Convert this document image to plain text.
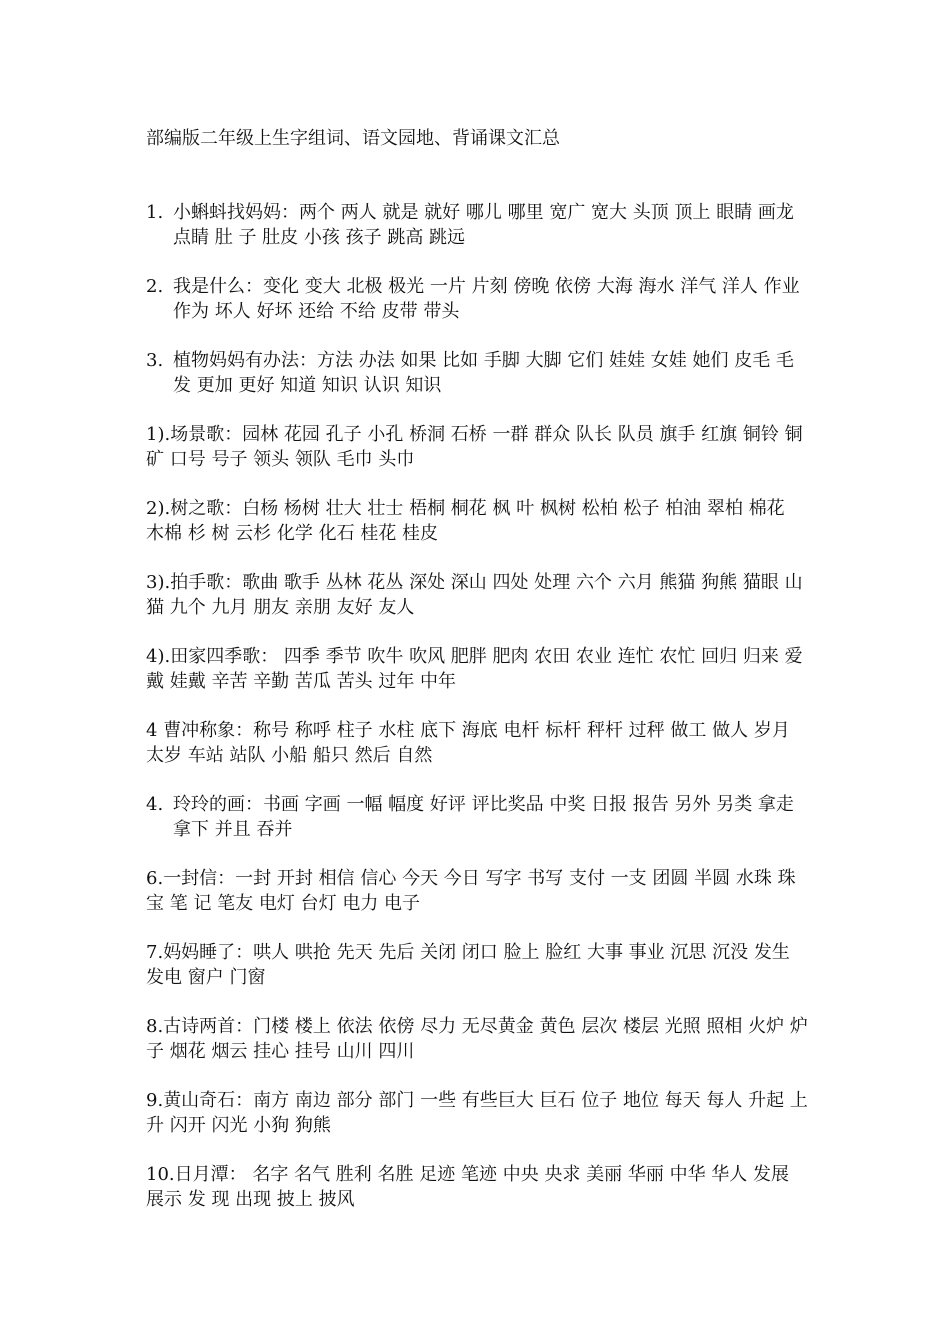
部编版二年级上生字组词、语文园地、背诵课文汇总
1. 小蝌蚪找妈妈：两个 两人 就是 就好 哪儿 哪里 宽广 宽大 头顶 顶上 眼睛 画龙点睛 肚 子 肚皮 小孩 孩子 跳高 跳远
2. 我是什么：变化 变大 北极 极光 一片 片刻 傍晚 依傍 大海 海水 洋气 洋人 作业 作为 坏人 好坏 还给 不给 皮带 带头
3. 植物妈妈有办法：方法 办法 如果 比如 手脚 大脚 它们 娃娃 女娃 她们 皮毛 毛发 更加 更好 知道 知识 认识 知识
1).场景歌：园林 花园 孔子 小孔 桥洞 石桥 一群 群众 队长 队员 旗手 红旗 铜铃 铜矿 口号 号子 领头 领队 毛巾 头巾
2).树之歌：白杨 杨树 壮大 壮士 梧桐 桐花 枫 叶 枫树 松柏 松子 柏油 翠柏 棉花 木棉 杉 树 云杉 化学 化石 桂花 桂皮
3).拍手歌：歌曲 歌手 丛林 花丛 深处 深山 四处 处理 六个 六月 熊猫 狗熊 猫眼 山猫 九个 九月 朋友 亲朋 友好 友人
4).田家四季歌： 四季 季节 吹牛 吹风 肥胖 肥肉 农田 农业 连忙 农忙 回归 归来 爱戴 娃戴 辛苦 辛勤 苦瓜 苦头 过年 中年
4 曹冲称象：称号 称呼 柱子 水柱 底下 海底 电杆 标杆 秤杆 过秤 做工 做人 岁月 太岁 车站 站队 小船 船只 然后 自然
4. 玲玲的画：书画 字画 一幅 幅度 好评 评比奖品 中奖 日报 报告 另外 另类 拿走 拿下 并且 吞并
6.一封信：一封 开封 相信 信心 今天 今日 写字 书写 支付 一支 团圆 半圆 水珠 珠宝 笔 记 笔友 电灯 台灯 电力 电子
7.妈妈睡了：哄人 哄抢 先天 先后 关闭 闭口 脸上 脸红 大事 事业 沉思 沉没 发生 发电 窗户 门窗
8.古诗两首：门楼 楼上 依法 依傍 尽力 无尽黄金 黄色 层次 楼层 光照 照相 火炉 炉子 烟花 烟云 挂心 挂号 山川 四川
9.黄山奇石：南方 南边 部分 部门 一些 有些巨大 巨石 位子 地位 每天 每人 升起 上升 闪开 闪光 小狗 狗熊
10.日月潭： 名字 名气 胜利 名胜 足迹 笔迹 中央 央求 美丽 华丽 中华 华人 发展 展示 发 现 出现 披上 披风
